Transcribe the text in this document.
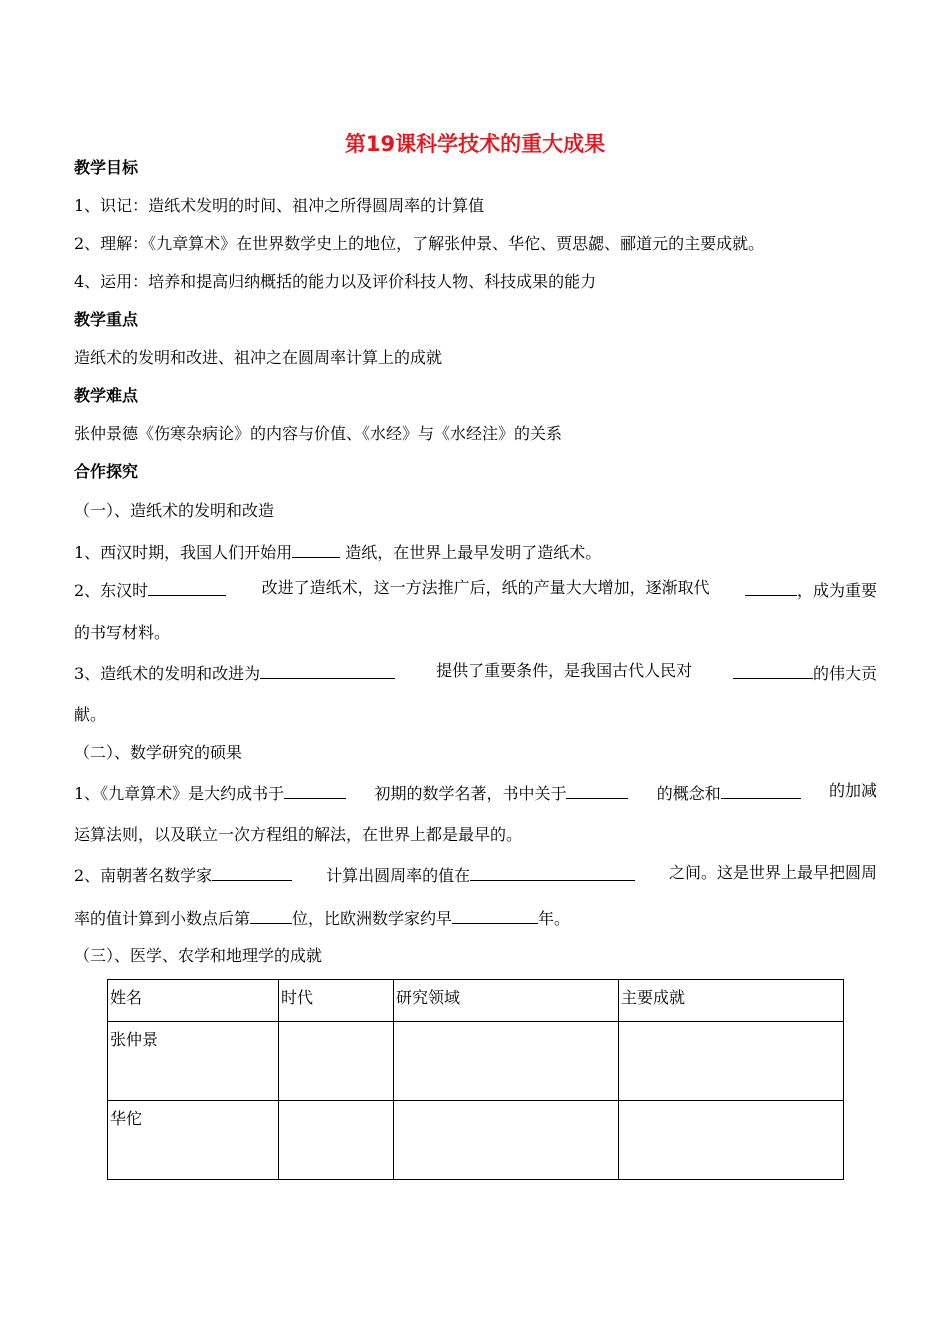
第19课科学技术的重大成果
教学目标
1、识记：造纸术发明的时间、祖冲之所得圆周率的计算值
2、理解：《九章算术》在世界数学史上的地位，了解张仲景、华佗、贾思勰、郦道元的主要成就。
4、运用：培养和提高归纳概括的能力以及评价科技人物、科技成果的能力
教学重点
造纸术的发明和改进、祖冲之在圆周率计算上的成就
教学难点
张仲景德《伤寒杂病论》的内容与价值、《水经》与《水经注》的关系
合作探究
（一）、造纸术的发明和改造
1、西汉时期，我国人们开始用	造纸，在世界上最早发明了造纸术。
2、东汉时	改进了造纸术，这一方法推广后，纸的产量大大增加，逐渐取代	，成为重要
的书写材料。
3、造纸术的发明和改进为	提供了重要条件，是我国古代人民对	的伟大贡
献。
（二）、数学研究的硕果
1、《九章算术》是大约成书于	初期的数学名著，书中关于	的概念和	的加减
运算法则，以及联立一次方程组的解法，在世界上都是最早的。
2、南朝著名数学家	计算出圆周率的值在	之间。这是世界上最早把圆周
率的值计算到小数点后第	位，比欧洲数学家约早	年。
（三）、医学、农学和地理学的成就
姓名	时代	研究领域	主要成就
张仲景			
华佗			
